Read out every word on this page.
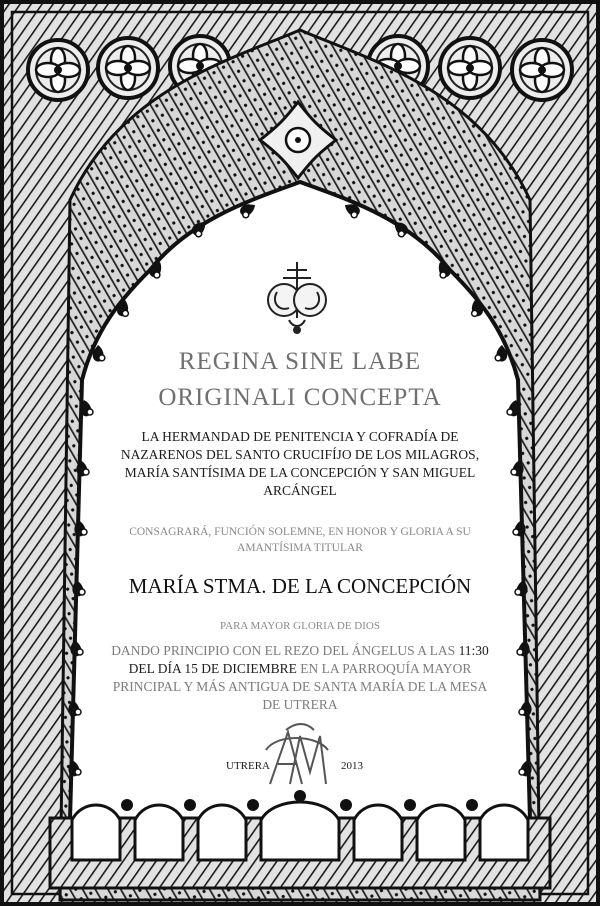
REGINA SINE LABE
ORIGINALI CONCEPTA
LA HERMANDAD DE PENITENCIA Y COFRADÍA DE
NAZARENOS DEL SANTO CRUCIFÍJO DE LOS MILAGROS,
MARÍA SANTÍSIMA DE LA CONCEPCIÓN Y SAN MIGUEL
ARCÁNGEL
CONSAGRARÁ, FUNCIÓN SOLEMNE, EN HONOR Y GLORIA A SU
AMANTÍSIMA TITULAR
MARÍA STMA. DE LA CONCEPCIÓN
PARA MAYOR GLORIA DE DIOS
DANDO PRINCIPIO CON EL REZO DEL ÁNGELUS A LAS 11:30
DEL DÍA 15 DE DICIEMBRE EN LA PARROQUÍA MAYOR
PRINCIPAL Y MÁS ANTIGUA DE SANTA MARÍA DE LA MESA
DE UTRERA
UTRERA	2013
